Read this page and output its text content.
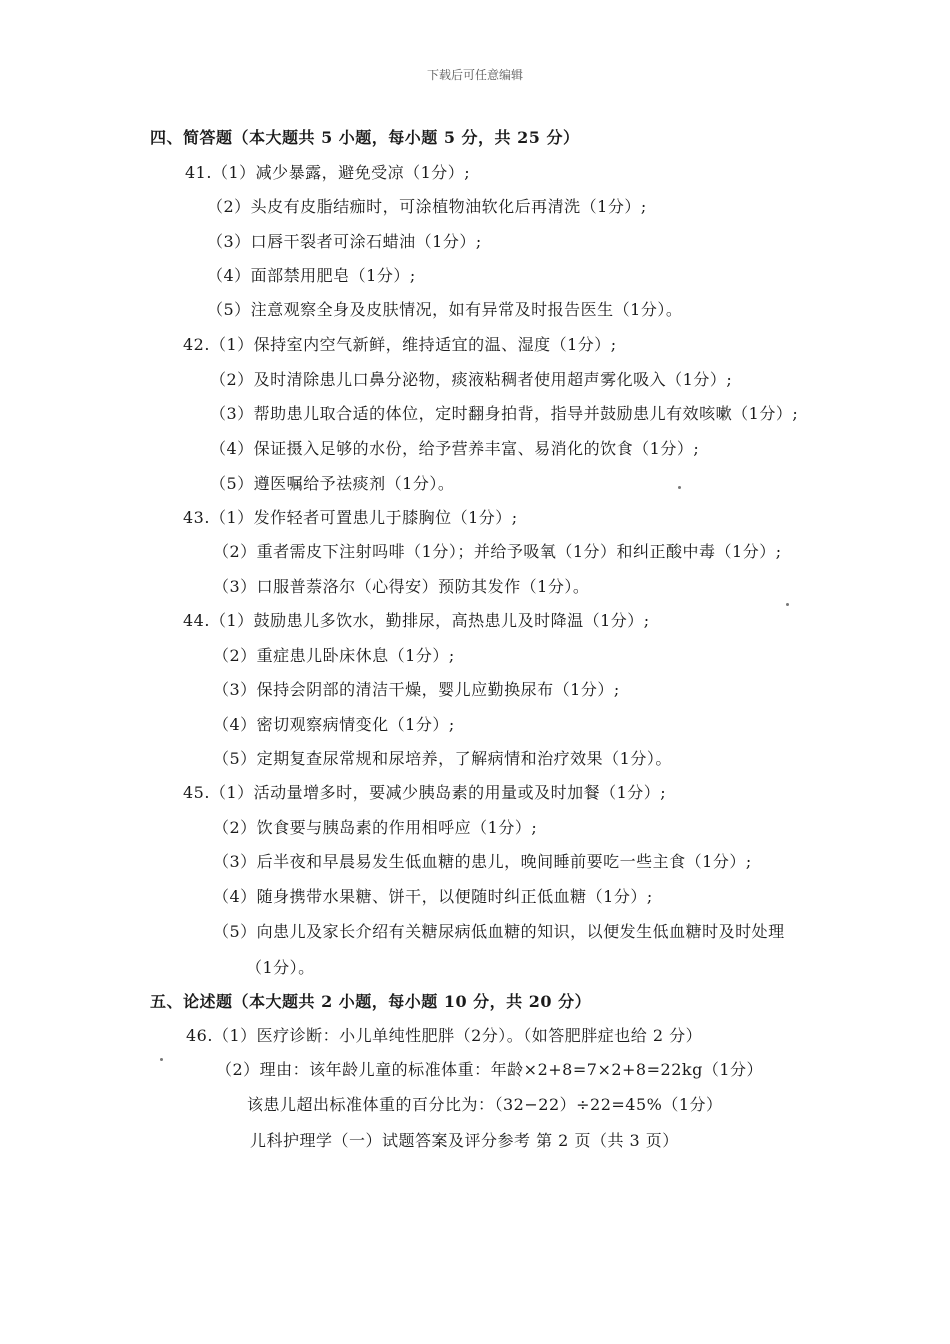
下载后可任意编辑
四、简答题（本大题共 5 小题，每小题 5 分，共 25 分）
41.（1）减少暴露，避免受凉（1分）;
（2）头皮有皮脂结痂时，可涂植物油软化后再清洗（1分）;
（3）口唇干裂者可涂石蜡油（1分）;
（4）面部禁用肥皂（1分）;
（5）注意观察全身及皮肤情况，如有异常及时报告医生（1分）。
42.（1）保持室内空气新鲜，维持适宜的温、湿度（1分）;
（2）及时清除患儿口鼻分泌物，痰液粘稠者使用超声雾化吸入（1分）;
（3）帮助患儿取合适的体位，定时翻身拍背，指导并鼓励患儿有效咳嗽（1分）;
（4）保证摄入足够的水份，给予营养丰富、易消化的饮食（1分）;
（5）遵医嘱给予祛痰剂（1分）。
43.（1）发作轻者可置患儿于膝胸位（1分）;
（2）重者需皮下注射吗啡（1分）；并给予吸氧（1分）和纠正酸中毒（1分）;
（3）口服普萘洛尔（心得安）预防其发作（1分）。
44.（1）鼓励患儿多饮水，勤排尿，高热患儿及时降温（1分）;
（2）重症患儿卧床休息（1分）;
（3）保持会阴部的清洁干燥，婴儿应勤换尿布（1分）;
（4）密切观察病情变化（1分）;
（5）定期复查尿常规和尿培养，了解病情和治疗效果（1分）。
45.（1）活动量增多时，要减少胰岛素的用量或及时加餐（1分）;
（2）饮食要与胰岛素的作用相呼应（1分）;
（3）后半夜和早晨易发生低血糖的患儿，晚间睡前要吃一些主食（1分）;
（4）随身携带水果糖、饼干，以便随时纠正低血糖（1分）;
（5）向患儿及家长介绍有关糖尿病低血糖的知识，以便发生低血糖时及时处理
（1分）。
五、论述题（本大题共 2 小题，每小题 10 分，共 20 分）
46.（1）医疗诊断：小儿单纯性肥胖（2分）。（如答肥胖症也给 2 分）
（2）理由：该年龄儿童的标准体重：年龄×2+8=7×2+8=22kg（1分）
该患儿超出标准体重的百分比为：（32−22）÷22=45%（1分）
儿科护理学（一）试题答案及评分参考 第 2 页（共 3 页）
